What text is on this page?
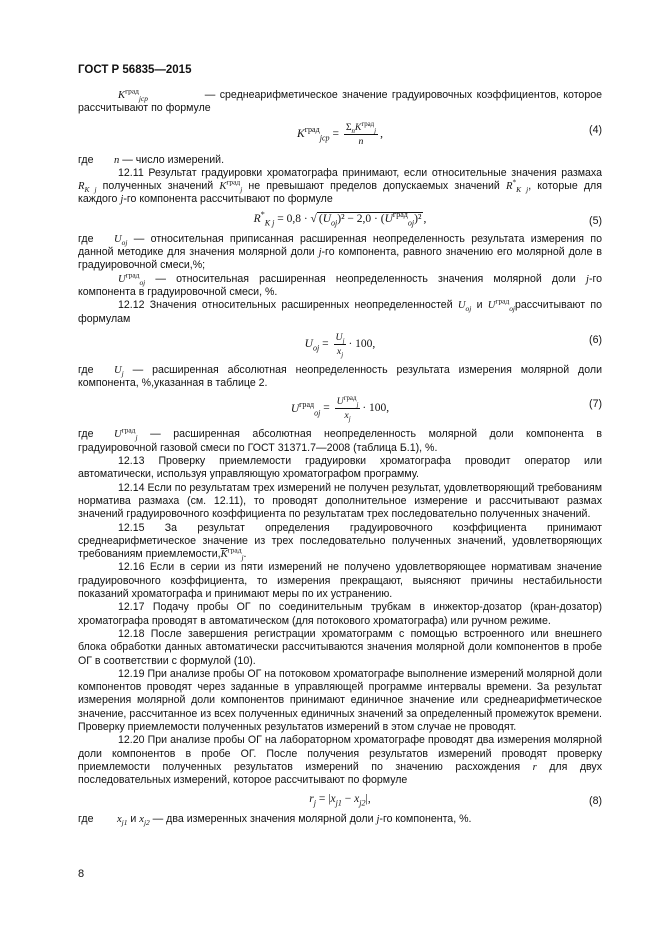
ГОСТ Р 56835—2015

$K^{град}_{jср}$             — среднеарифметическое значение градуировочных коэффициентов, которое рассчитывают по формуле

$K^{град}_{jср} = \frac{\Sigma_nK^{град}_j}{n}$ ,	(4)

где n — число измерений.

12.11 Результат градуировки хроматографа принимают, если относительные значения размаха $R_{K j}$ полученных значений $K^{град}_j$ не превышают пределов допускаемых значений $R^*_{K j}$, которые для каждого j-го компонента рассчитывают по формуле

$R^*_{K j} = 0,8$ · √ $(U_{oj})^2 - 2,0 \cdot (U^{град}_{oj})^2$ ,	(5)

где $U_{oj}$ — относительная приписанная расширенная неопределенность результата измерения по данной методике для значения молярной доли j-го компонента, равного значению его молярной доле в градуировочной смеси,%;

$U^{град}_{oj}$ — относительная расширенная неопределенность значения молярной доли j-го компонента в градуировочной смеси, %.

12.12 Значения относительных расширенных неопределенностей $U_{oj}$ и $U^{град}_{oj}рассчитывают$ по формулам

$U_{oj} = \frac{U_j}{x_j} \cdot 100$,	(6)

где $U_j$ — расширенная абсолютная неопределенность результата измерения молярной доли компонента, %,указанная в таблице 2.

$U^{град}_{oj} = \frac{U^{град}_j}{x_j} \cdot 100$,	(7)

где $U^{град}_j$ — расширенная абсолютная неопределенность молярной доли компонента в градуировочной газовой смеси по ГОСТ 31371.7—2008 (таблица Б.1), %.

12.13 Проверку приемлемости градуировки хроматографа проводит оператор или автоматически, используя управляющую хроматографом программу.

12.14 Если по результатам трех измерений не получен результат, удовлетворяющий требованиям норматива размаха (см. 12.11), то проводят дополнительное измерение и рассчитывают размах значений градуировочного коэффициента по результатам трех последовательно полученных значений.

12.15 За результат определения градуировочного коэффициента принимают среднеарифметическое значение из трех последовательно полученных значений, удовлетворяющих требованиям $приемлемости,\overline{K}^{град}_j$.

12.16 Если в серии из пяти измерений не получено удовлетворяющее нормативам значение градуировочного коэффициента, то измерения прекращают, выясняют причины нестабильности показаний хроматографа и принимают меры по их устранению.

12.17 Подачу пробы ОГ по соединительным трубкам в инжектор-дозатор (кран-дозатор) хроматографа проводят в автоматическом (для потокового хроматографа) или ручном режиме.

12.18 После завершения регистрации хроматограмм с помощью встроенного или внешнего блока обработки данных автоматически рассчитываются значения молярной доли компонентов в пробе ОГ в соответствии с формулой (10).

12.19 При анализе пробы ОГ на потоковом хроматографе выполнение измерений молярной доли компонентов проводят через заданные в управляющей программе интервалы времени. За результат измерения молярной доли компонентов принимают единичное значение или среднеарифметическое значение, рассчитанное из всех полученных единичных значений за определенный промежуток времени. Проверку приемлемости полученных результатов измерений в этом случае не проводят.

12.20 При анализе пробы ОГ на лабораторном хроматографе проводят два измерения молярной доли компонентов в пробе ОГ. После получения результатов измерений проводят проверку приемлемости полученных результатов измерений по значению расхождения r для двух последовательных измерений, которое рассчитывают по формуле

$r_j = |x_{j1} - x_{j2}|$,	(8)

где $x_{j1}$ и $x_{j2}$ — два измеренных значения молярной доли j-го компонента, %.

8
